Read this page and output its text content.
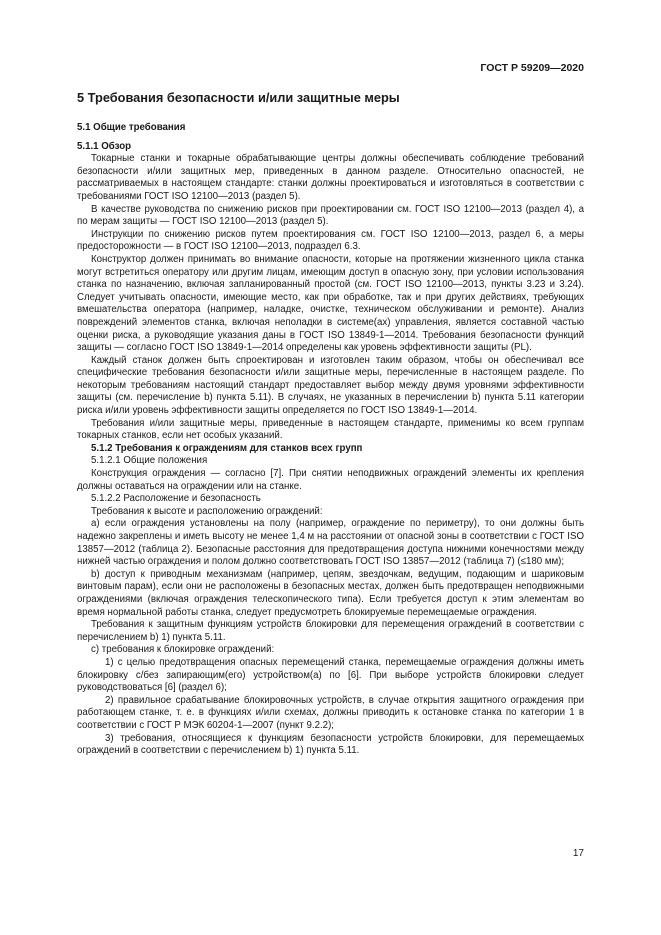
ГОСТ Р 59209—2020
5 Требования безопасности и/или защитные меры
5.1 Общие требования
5.1.1 Обзор

Токарные станки и токарные обрабатывающие центры должны обеспечивать соблюдение требований безопасности и/или защитных мер, приведенных в данном разделе. Относительно опасностей, не рассматриваемых в настоящем стандарте: станки должны проектироваться и изготовляться в соответствии с требованиями ГОСТ ISO 12100—2013 (раздел 5).

В качестве руководства по снижению рисков при проектировании см. ГОСТ ISO 12100—2013 (раздел 4), а по мерам защиты — ГОСТ ISO 12100—2013 (раздел 5).

Инструкции по снижению рисков путем проектирования см. ГОСТ ISO 12100—2013, раздел 6, а меры предосторожности — в ГОСТ ISO 12100—2013, подраздел 6.3.

Конструктор должен принимать во внимание опасности, которые на протяжении жизненного цикла станка могут встретиться оператору или другим лицам, имеющим доступ в опасную зону, при условии использования станка по назначению, включая запланированный простой (см. ГОСТ ISO 12100—2013, пункты 3.23 и 3.24). Следует учитывать опасности, имеющие место, как при обработке, так и при других действиях, требующих вмешательства оператора (например, наладке, очистке, техническом обслуживании и ремонте). Анализ повреждений элементов станка, включая неполадки в системе(ах) управления, является составной частью оценки риска, а руководящие указания даны в ГОСТ ISO 13849-1—2014. Требования безопасности функций защиты — согласно ГОСТ ISO 13849-1—2014 определены как уровень эффективности защиты (PL).

Каждый станок должен быть спроектирован и изготовлен таким образом, чтобы он обеспечивал все специфические требования безопасности и/или защитные меры, перечисленные в настоящем разделе. По некоторым требованиям настоящий стандарт предоставляет выбор между двумя уровнями эффективности защиты (см. перечисление b) пункта 5.11). В случаях, не указанных в перечислении b) пункта 5.11 категории риска и/или уровень эффективности защиты определяется по ГОСТ ISO 13849-1—2014.

Требования и/или защитные меры, приведенные в настоящем стандарте, применимы ко всем группам токарных станков, если нет особых указаний.

5.1.2 Требования к ограждениям для станков всех групп

5.1.2.1 Общие положения

Конструкция ограждения — согласно [7]. При снятии неподвижных ограждений элементы их крепления должны оставаться на ограждении или на станке.

5.1.2.2 Расположение и безопасность

Требования к высоте и расположению ограждений:

а) если ограждения установлены на полу (например, ограждение по периметру), то они должны быть надежно закреплены и иметь высоту не менее 1,4 м на расстоянии от опасной зоны в соответствии с ГОСТ ISO 13857—2012 (таблица 2). Безопасные расстояния для предотвращения доступа нижними конечностями между нижней частью ограждения и полом должно соответствовать ГОСТ ISO 13857—2012 (таблица 7) (≤180 мм);

b) доступ к приводным механизмам (например, цепям, звездочкам, ведущим, подающим и шариковым винтовым парам), если они не расположены в безопасных местах, должен быть предотвращен неподвижными ограждениями (включая ограждения телескопического типа). Если требуется доступ к этим элементам во время нормальной работы станка, следует предусмотреть блокируемые перемещаемые ограждения.

Требования к защитным функциям устройств блокировки для перемещения ограждений в соответствии с перечислением b) 1) пункта 5.11.

с) требования к блокировке ограждений:

1) с целью предотвращения опасных перемещений станка, перемещаемые ограждения должны иметь блокировку с/без запирающим(его) устройством(а) по [6]. При выборе устройств блокировки следует руководствоваться [6] (раздел 6);

2) правильное срабатывание блокировочных устройств, в случае открытия защитного ограждения при работающем станке, т. е. в функциях и/или схемах, должны приводить к остановке станка по категории 1 в соответствии с ГОСТ Р МЭК 60204-1—2007 (пункт 9.2.2);

3) требования, относящиеся к функциям безопасности устройств блокировки, для перемещаемых ограждений в соответствии с перечислением b) 1) пункта 5.11.

17
